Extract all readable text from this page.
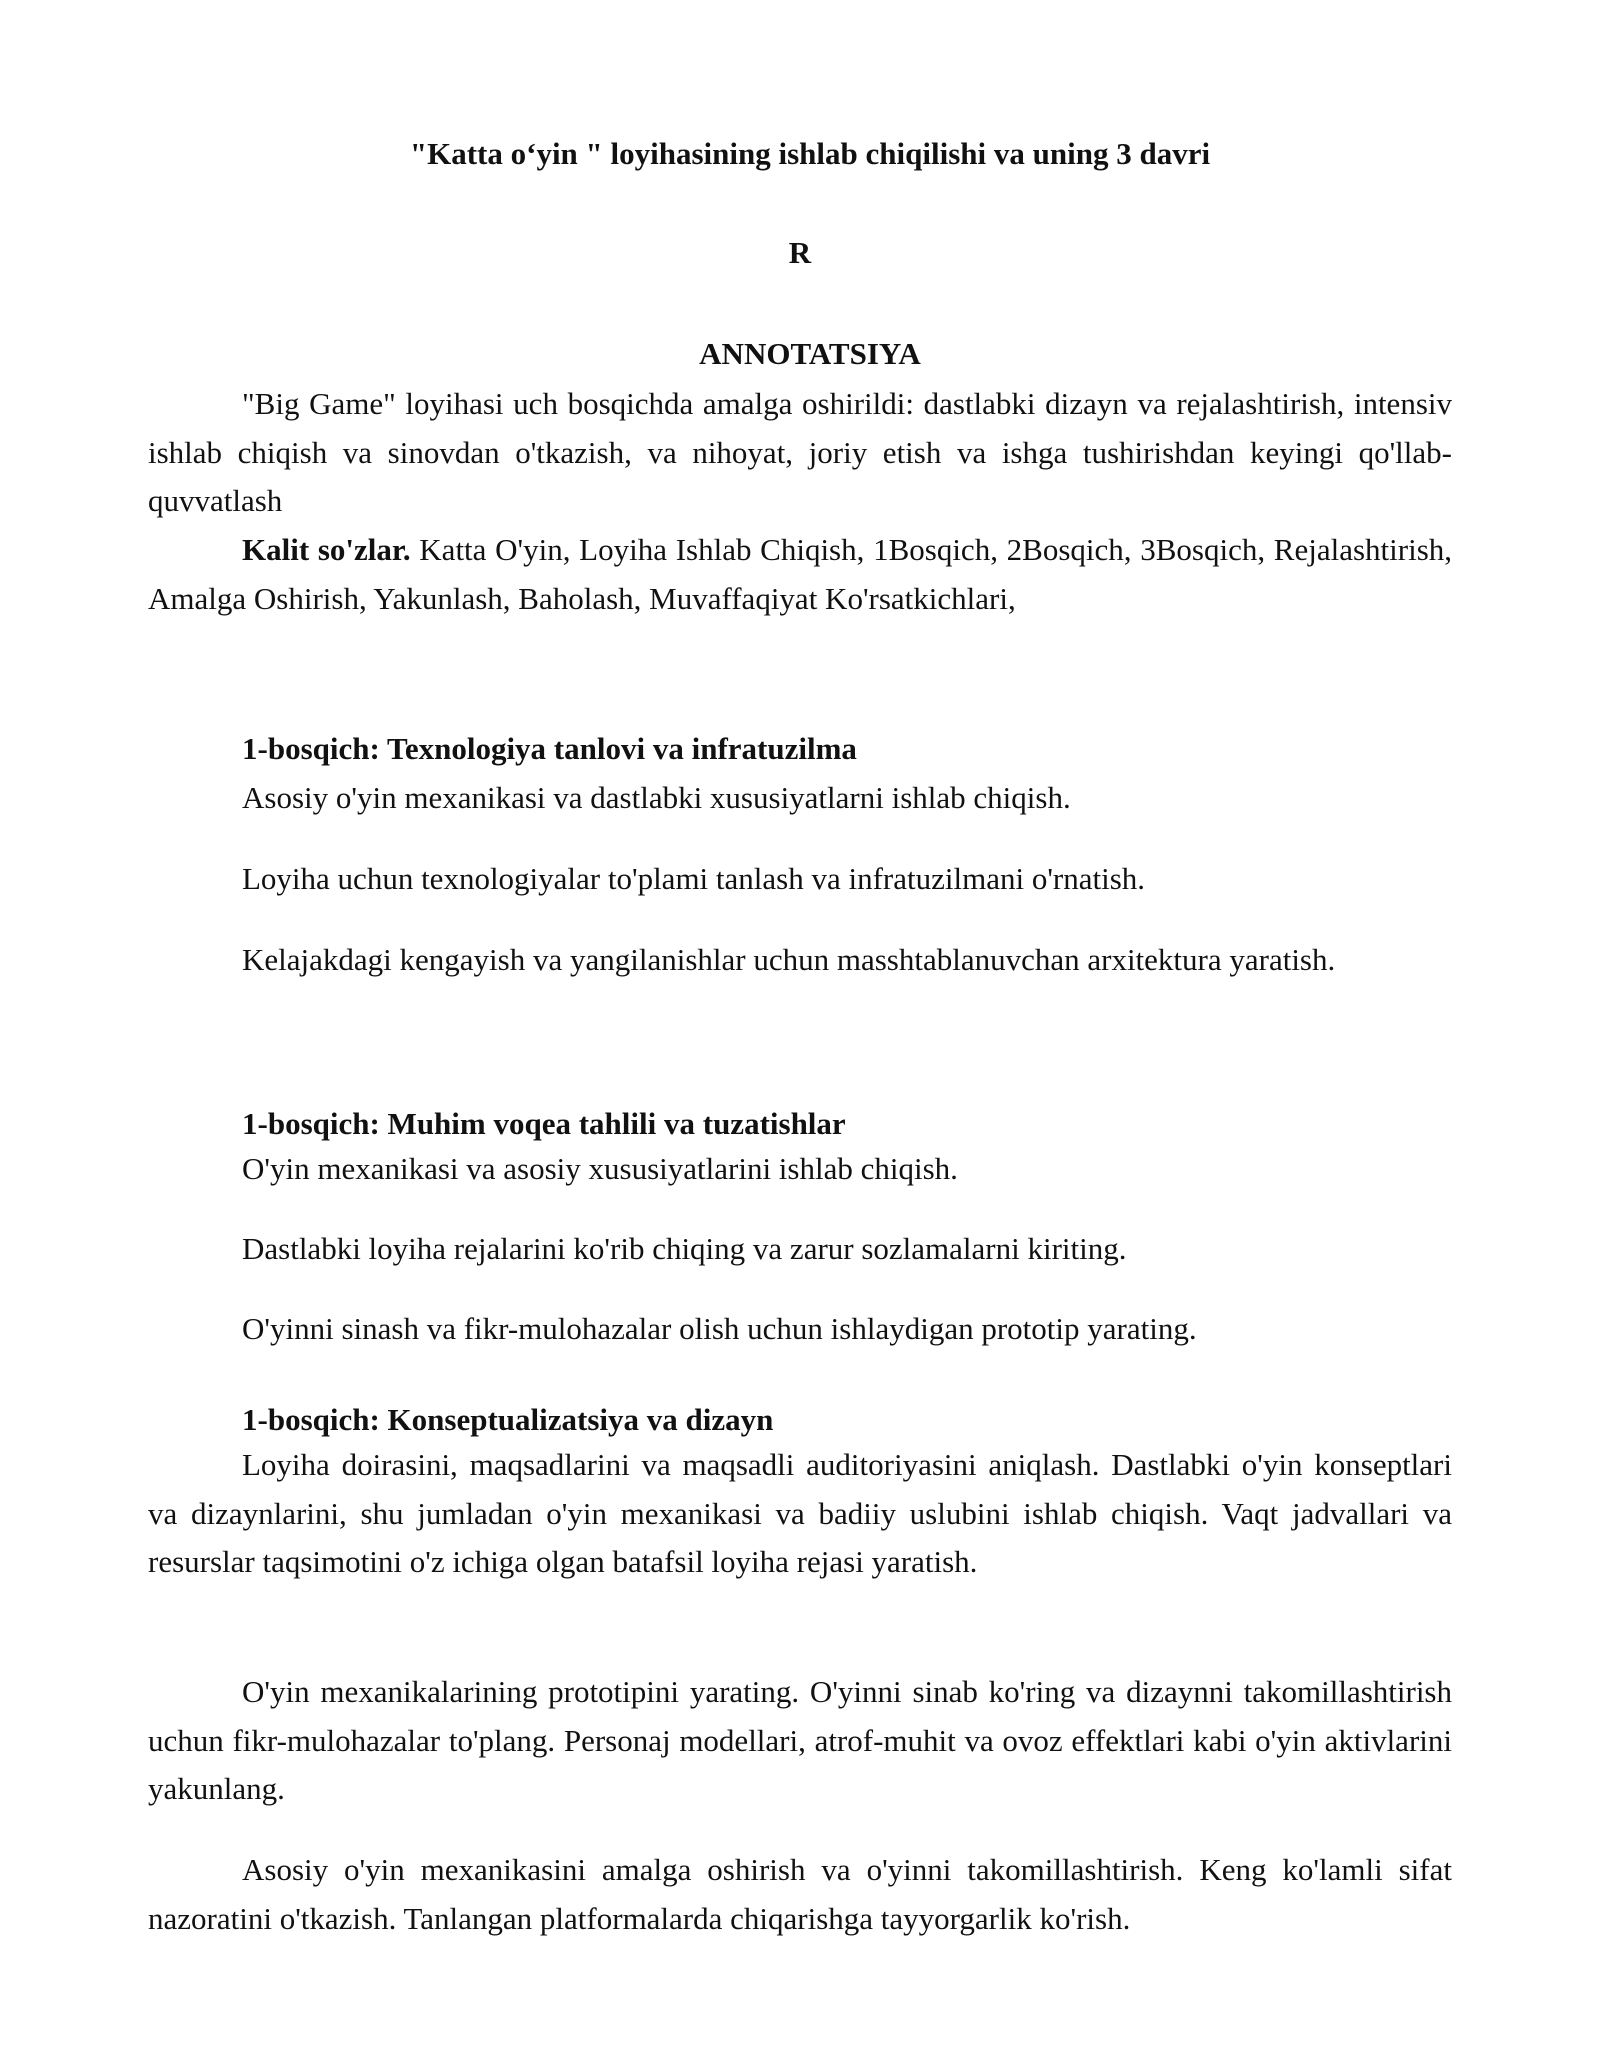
"Katta o‘yin " loyihasining ishlab chiqilishi va uning 3 davri
R
ANNOTATSIYA

"Big Game" loyihasi uch bosqichda amalga oshirildi: dastlabki dizayn va rejalashtirish, intensiv ishlab chiqish va sinovdan o'tkazish, va nihoyat, joriy etish va ishga tushirishdan keyingi qo'llab-quvvatlash

Kalit so'zlar. Katta O'yin, Loyiha Ishlab Chiqish, 1Bosqich, 2Bosqich, 3Bosqich, Rejalashtirish, Amalga Oshirish, Yakunlash, Baholash, Muvaffaqiyat Ko'rsatkichlari,

1-bosqich: Texnologiya tanlovi va infratuzilma

Asosiy o'yin mexanikasi va dastlabki xususiyatlarni ishlab chiqish.

Loyiha uchun texnologiyalar to'plami tanlash va infratuzilmani o'rnatish.

Kelajakdagi kengayish va yangilanishlar uchun masshtablanuvchan arxitektura yaratish.

1-bosqich: Muhim voqea tahlili va tuzatishlar

O'yin mexanikasi va asosiy xususiyatlarini ishlab chiqish.

Dastlabki loyiha rejalarini ko'rib chiqing va zarur sozlamalarni kiriting.

O'yinni sinash va fikr-mulohazalar olish uchun ishlaydigan prototip yarating.

1-bosqich: Konseptualizatsiya va dizayn

Loyiha doirasini, maqsadlarini va maqsadli auditoriyasini aniqlash. Dastlabki o'yin konseptlari va dizaynlarini, shu jumladan o'yin mexanikasi va badiiy uslubini ishlab chiqish. Vaqt jadvallari va resurslar taqsimotini o'z ichiga olgan batafsil loyiha rejasi yaratish.

O'yin mexanikalarining prototipini yarating. O'yinni sinab ko'ring va dizaynni takomillashtirish uchun fikr-mulohazalar to'plang. Personaj modellari, atrof-muhit va ovoz effektlari kabi o'yin aktivlarini yakunlang.

Asosiy o'yin mexanikasini amalga oshirish va o'yinni takomillashtirish. Keng ko'lamli sifat nazoratini o'tkazish. Tanlangan platformalarda chiqarishga tayyorgarlik ko'rish.
